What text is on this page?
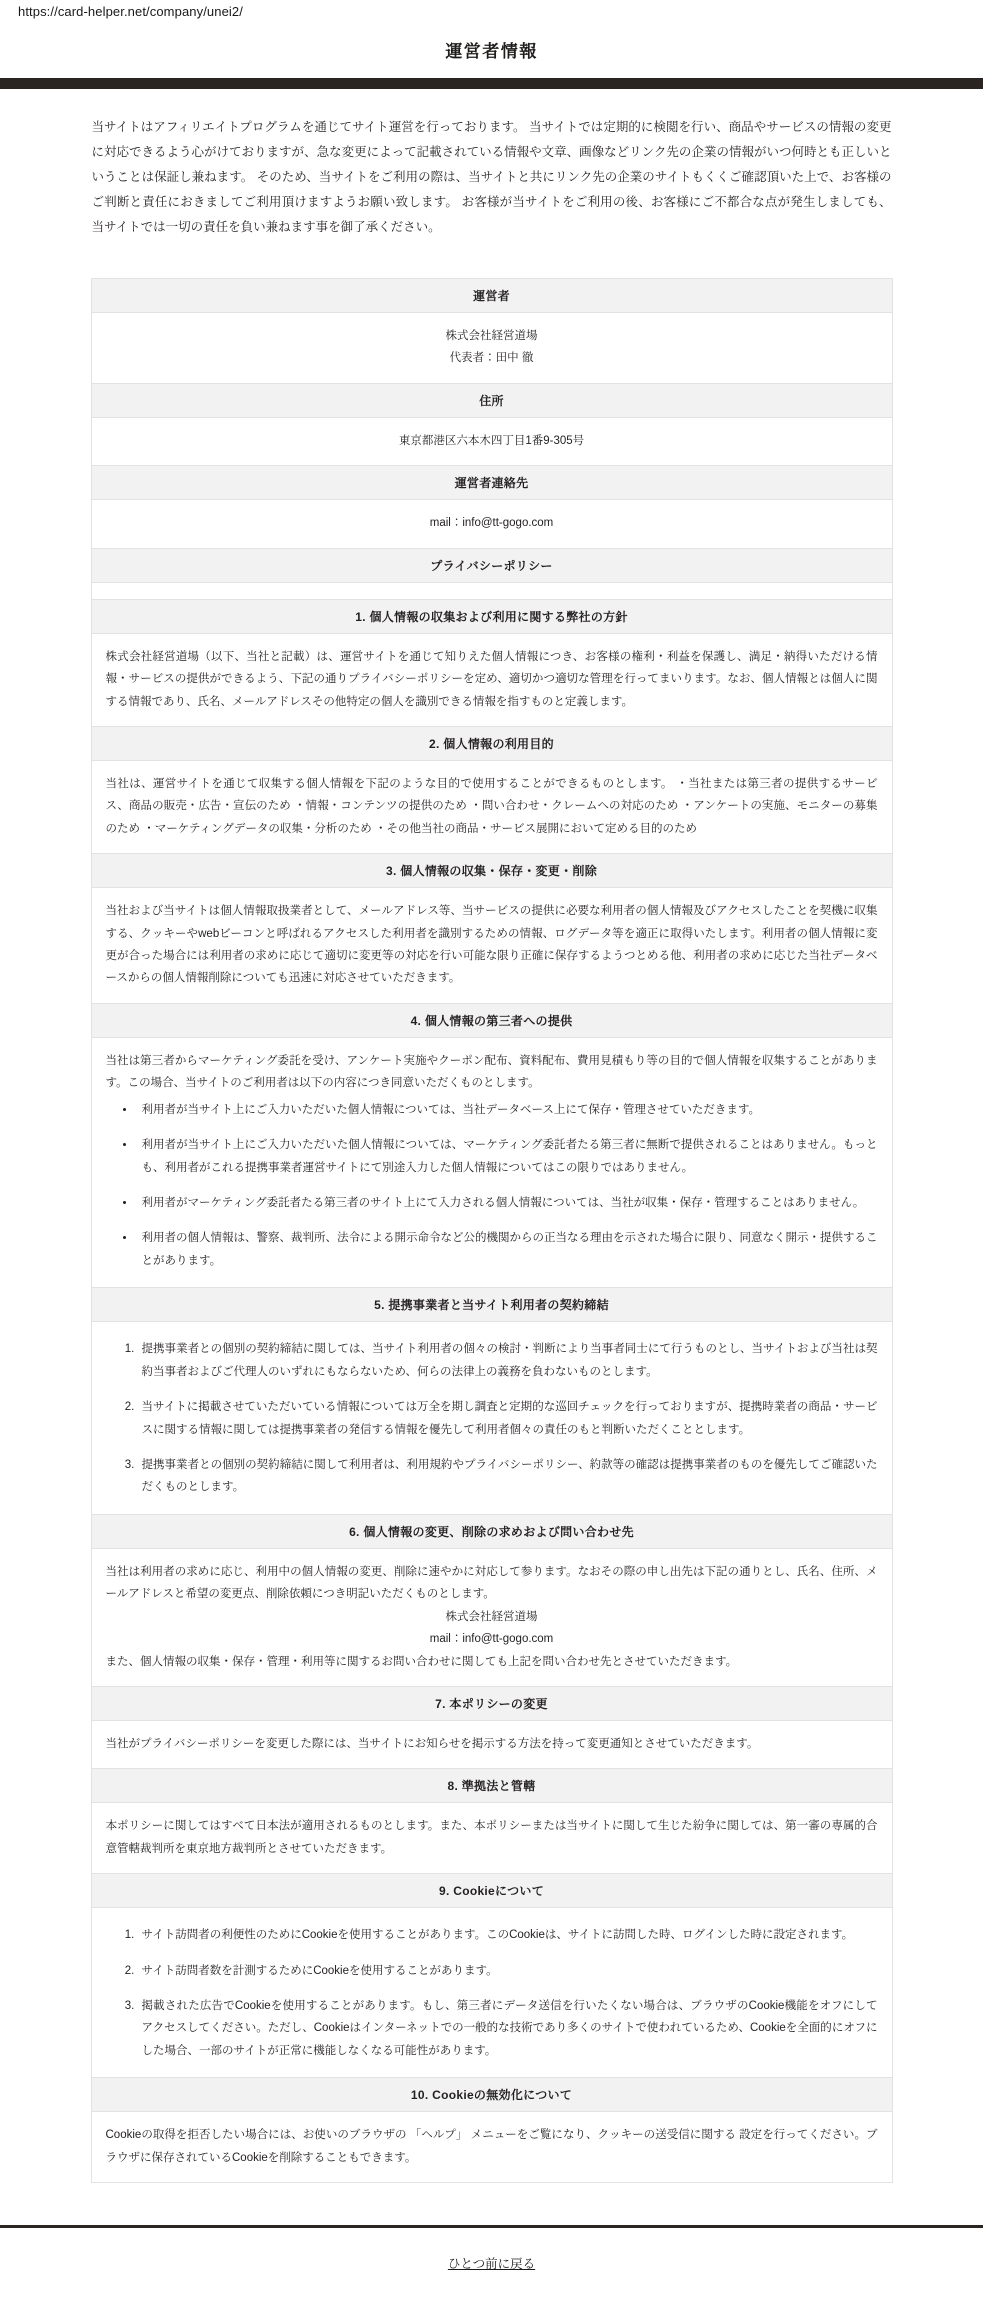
https://card-helper.net/company/unei2/
運営者情報

当サイトはアフィリエイトプログラムを通じてサイト運営を行っております。 当サイトでは定期的に検閲を行い、商品やサービスの情報の変更に対応できるよう心がけておりますが、急な変更によって記載されている情報や文章、画像などリンク先の企業の情報がいつ何時とも正しいということは保証し兼ねます。 そのため、当サイトをご利用の際は、当サイトと共にリンク先の企業のサイトもくくご確認頂いた上で、お客様のご判断と責任におきましてご利用頂けますようお願い致します。 お客様が当サイトをご利用の後、お客様にご不都合な点が発生しましても、当サイトでは一切の責任を負い兼ねます事を御了承ください。

運営者
株式会社経営道場
代表者：田中 徹
住所
東京都港区六本木四丁目1番9-305号
運営者連絡先
mail：info@tt-gogo.com
プライバシーポリシー
1. 個人情報の収集および利用に関する弊社の方針

株式会社経営道場（以下、当社と記載）は、運営サイトを通じて知りえた個人情報につき、お客様の権利・利益を保護し、満足・納得いただける情報・サービスの提供ができるよう、下記の通りプライバシーポリシーを定め、適切かつ適切な管理を行ってまいります。なお、個人情報とは個人に関する情報であり、氏名、メールアドレスその他特定の個人を識別できる情報を指すものと定義します。

2. 個人情報の利用目的

当社は、運営サイトを通じて収集する個人情報を下記のような目的で使用することができるものとします。 ・当社または第三者の提供するサービス、商品の販売・広告・宣伝のため ・情報・コンテンツの提供のため ・問い合わせ・クレームへの対応のため ・アンケートの実施、モニターの募集のため ・マーケティングデータの収集・分析のため ・その他当社の商品・サービス展開において定める目的のため

3. 個人情報の収集・保存・変更・削除

当社および当サイトは個人情報取扱業者として、メールアドレス等、当サービスの提供に必要な利用者の個人情報及びアクセスしたことを契機に収集する、クッキーやwebビーコンと呼ばれるアクセスした利用者を識別するための情報、ログデータ等を適正に取得いたします。利用者の個人情報に変更が合った場合には利用者の求めに応じて適切に変更等の対応を行い可能な限り正確に保存するようつとめる他、利用者の求めに応じた当社データベースからの個人情報削除についても迅速に対応させていただきます。

4. 個人情報の第三者への提供

当社は第三者からマーケティング委託を受け、アンケート実施やクーポン配布、資料配布、費用見積もり等の目的で個人情報を収集することがあります。この場合、当サイトのご利用者は以下の内容につき同意いただくものとします。

• 利用者が当サイト上にご入力いただいた個人情報については、当社データベース上にて保存・管理させていただきます。
• 利用者が当サイト上にご入力いただいた個人情報については、マーケティング委託者たる第三者に無断で提供されることはありません。もっとも、利用者がこれる提携事業者運営サイトにて別途入力した個人情報についてはこの限りではありません。
• 利用者がマーケティング委託者たる第三者のサイト上にて入力される個人情報については、当社が収集・保存・管理することはありません。
• 利用者の個人情報は、警察、裁判所、法令による開示命令など公的機関からの正当なる理由を示された場合に限り、同意なく開示・提供することがあります。
5. 提携事業者と当サイト利用者の契約締結
1. 提携事業者との個別の契約締結に関しては、当サイト利用者の個々の検討・判断により当事者同士にて行うものとし、当サイトおよび当社は契約当事者およびご代理人のいずれにもならないため、何らの法律上の義務を負わないものとします。
2. 当サイトに掲載させていただいている情報については万全を期し調査と定期的な巡回チェックを行っておりますが、提携時業者の商品・サービスに関する情報に関しては提携事業者の発信する情報を優先して利用者個々の責任のもと判断いただくこととします。
3. 提携事業者との個別の契約締結に関して利用者は、利用規約やプライバシーポリシー、約款等の確認は提携事業者のものを優先してご確認いただくものとします。
6. 個人情報の変更、削除の求めおよび問い合わせ先

当社は利用者の求めに応じ、利用中の個人情報の変更、削除に速やかに対応して参ります。なおその際の申し出先は下記の通りとし、氏名、住所、メールアドレスと希望の変更点、削除依頼につき明記いただくものとします。

株式会社経営道場
mail：info@tt-gogo.com

また、個人情報の収集・保存・管理・利用等に関するお問い合わせに関しても上記を問い合わせ先とさせていただきます。

7. 本ポリシーの変更

当社がプライバシーポリシーを変更した際には、当サイトにお知らせを掲示する方法を持って変更通知とさせていただきます。

8. 準拠法と管轄

本ポリシーに関してはすべて日本法が適用されるものとします。また、本ポリシーまたは当サイトに関して生じた紛争に関しては、第一審の専属的合意管轄裁判所を東京地方裁判所とさせていただきます。

9. Cookieについて
1. サイト訪問者の利便性のためにCookieを使用することがあります。このCookieは、サイトに訪問した時、ログインした時に設定されます。
2. サイト訪問者数を計測するためにCookieを使用することがあります。
3. 掲載された広告でCookieを使用することがあります。もし、第三者にデータ送信を行いたくない場合は、ブラウザのCookie機能をオフにしてアクセスしてください。ただし、Cookieはインターネットでの一般的な技術であり多くのサイトで使われているため、Cookieを全面的にオフにした場合、一部のサイトが正常に機能しなくなる可能性があります。
10. Cookieの無効化について

Cookieの取得を拒否したい場合には、お使いのブラウザの 「ヘルプ」 メニューをご覧になり、クッキーの送受信に関する 設定を行ってください。ブラウザに保存されているCookieを削除することもできます。

ひとつ前に戻る
